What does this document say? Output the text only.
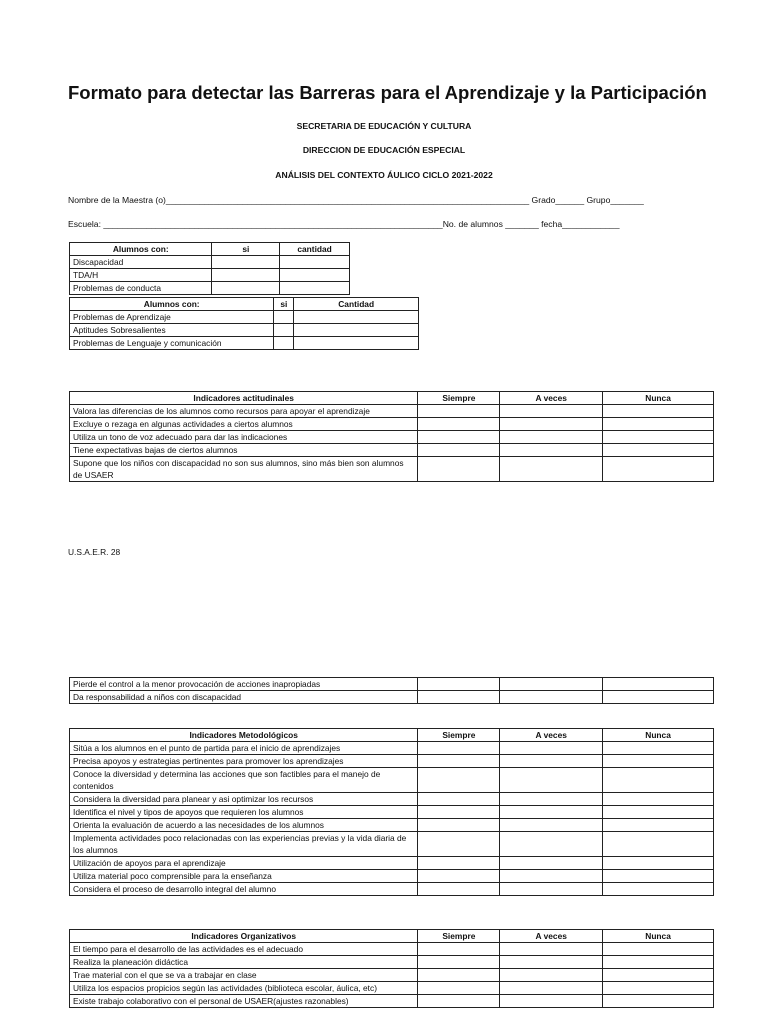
Formato para detectar las Barreras para el Aprendizaje y la Participación
SECRETARIA DE EDUCACIÓN Y CULTURA
DIRECCION DE EDUCACIÓN ESPECIAL
ANÁLISIS DEL CONTEXTO ÁULICO CICLO 2021-2022
Nombre de la Maestra (o)____________________________________________________________________________ Grado______ Grupo_______
Escuela: _______________________________________________________________________No. de alumnos _______ fecha____________
Alumnos con:	si	cantidad
Discapacidad		
TDA/H		
Problemas de conducta		
Alumnos con:	si	Cantidad
Problemas de Aprendizaje		
Aptitudes Sobresalientes		
Problemas de Lenguaje y comunicación		
Indicadores actitudinales	Siempre	A veces	Nunca
Valora las diferencias de los alumnos como recursos para apoyar el aprendizaje			
Excluye o rezaga en algunas actividades a ciertos alumnos			
Utiliza un tono de voz adecuado para dar las indicaciones			
Tiene expectativas bajas de ciertos alumnos			
Supone que los niños con discapacidad no son sus alumnos, sino más bien son alumnos de USAER			
U.S.A.E.R. 28
Pierde el control a la menor provocación de acciones inapropiadas			
Da responsabilidad a niños con discapacidad			
Indicadores Metodológicos	Siempre	A veces	Nunca
Sitúa a los alumnos en el punto de partida para el inicio de aprendizajes			
Precisa apoyos y estrategias pertinentes para promover los aprendizajes			
Conoce la diversidad y determina las acciones que son factibles para el manejo de contenidos			
Considera la diversidad para planear y asi optimizar los recursos			
Identifica el nivel y tipos de apoyos que requieren los alumnos			
Orienta la evaluación de acuerdo a las necesidades de los alumnos			
Implementa actividades poco relacionadas con las experiencias previas y la vida diaria de los alumnos			
Utilización de apoyos para el aprendizaje			
Utiliza material poco comprensible para la enseñanza			
Considera el proceso de desarrollo integral del alumno			
Indicadores Organizativos	Siempre	A veces	Nunca
El tiempo para el desarrollo de las actividades es el adecuado			
Realiza la planeación didáctica			
Trae material con el que se va a trabajar en clase			
Utiliza los espacios propicios según las actividades (biblioteca escolar, áulica, etc)			
Existe trabajo colaborativo con el personal de USAER(ajustes razonables)			
